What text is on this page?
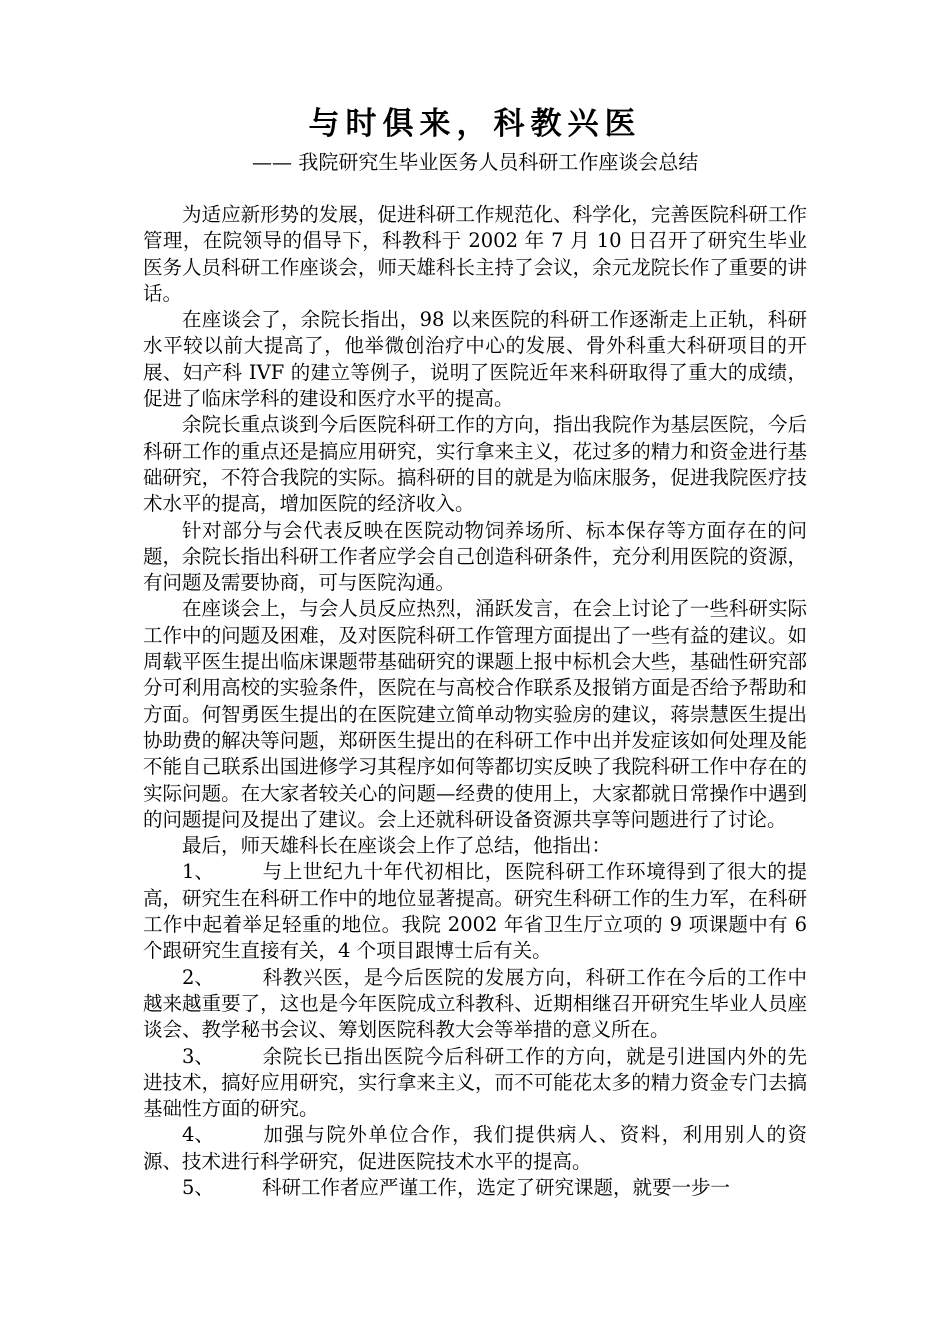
与时俱来，科教兴医
—— 我院研究生毕业医务人员科研工作座谈会总结

为适应新形势的发展，促进科研工作规范化、科学化，完善医院科研工作管理，在院领导的倡导下，科教科于 2002 年 7 月 10 日召开了研究生毕业医务人员科研工作座谈会，师天雄科长主持了会议，余元龙院长作了重要的讲话。

在座谈会了，余院长指出，98 以来医院的科研工作逐渐走上正轨，科研水平较以前大提高了，他举微创治疗中心的发展、骨外科重大科研项目的开展、妇产科 IVF 的建立等例子，说明了医院近年来科研取得了重大的成绩，促进了临床学科的建设和医疗水平的提高。

余院长重点谈到今后医院科研工作的方向，指出我院作为基层医院，今后科研工作的重点还是搞应用研究，实行拿来主义，花过多的精力和资金进行基础研究，不符合我院的实际。搞科研的目的就是为临床服务，促进我院医疗技术水平的提高，增加医院的经济收入。

针对部分与会代表反映在医院动物饲养场所、标本保存等方面存在的问题，余院长指出科研工作者应学会自己创造科研条件，充分利用医院的资源，有问题及需要协商，可与医院沟通。

在座谈会上，与会人员反应热烈，涌跃发言，在会上讨论了一些科研实际工作中的问题及困难，及对医院科研工作管理方面提出了一些有益的建议。如周载平医生提出临床课题带基础研究的课题上报中标机会大些，基础性研究部分可利用高校的实验条件，医院在与高校合作联系及报销方面是否给予帮助和方面。何智勇医生提出的在医院建立简单动物实验房的建议，蒋崇慧医生提出协助费的解决等问题，郑研医生提出的在科研工作中出并发症该如何处理及能不能自己联系出国进修学习其程序如何等都切实反映了我院科研工作中存在的实际问题。在大家者较关心的问题—经费的使用上，大家都就日常操作中遇到的问题提问及提出了建议。会上还就科研设备资源共享等问题进行了讨论。

最后，师天雄科长在座谈会上作了总结，他指出：

1、 与上世纪九十年代初相比，医院科研工作环境得到了很大的提高，研究生在科研工作中的地位显著提高。研究生科研工作的生力军，在科研工作中起着举足轻重的地位。我院 2002 年省卫生厅立项的 9 项课题中有 6 个跟研究生直接有关，4 个项目跟博士后有关。

2、 科教兴医，是今后医院的发展方向，科研工作在今后的工作中越来越重要了，这也是今年医院成立科教科、近期相继召开研究生毕业人员座谈会、教学秘书会议、筹划医院科教大会等举措的意义所在。

3、 余院长已指出医院今后科研工作的方向，就是引进国内外的先进技术，搞好应用研究，实行拿来主义，而不可能花太多的精力资金专门去搞基础性方面的研究。

4、 加强与院外单位合作，我们提供病人、资料，利用别人的资源、技术进行科学研究，促进医院技术水平的提高。

5、 科研工作者应严谨工作，选定了研究课题，就要一步一
